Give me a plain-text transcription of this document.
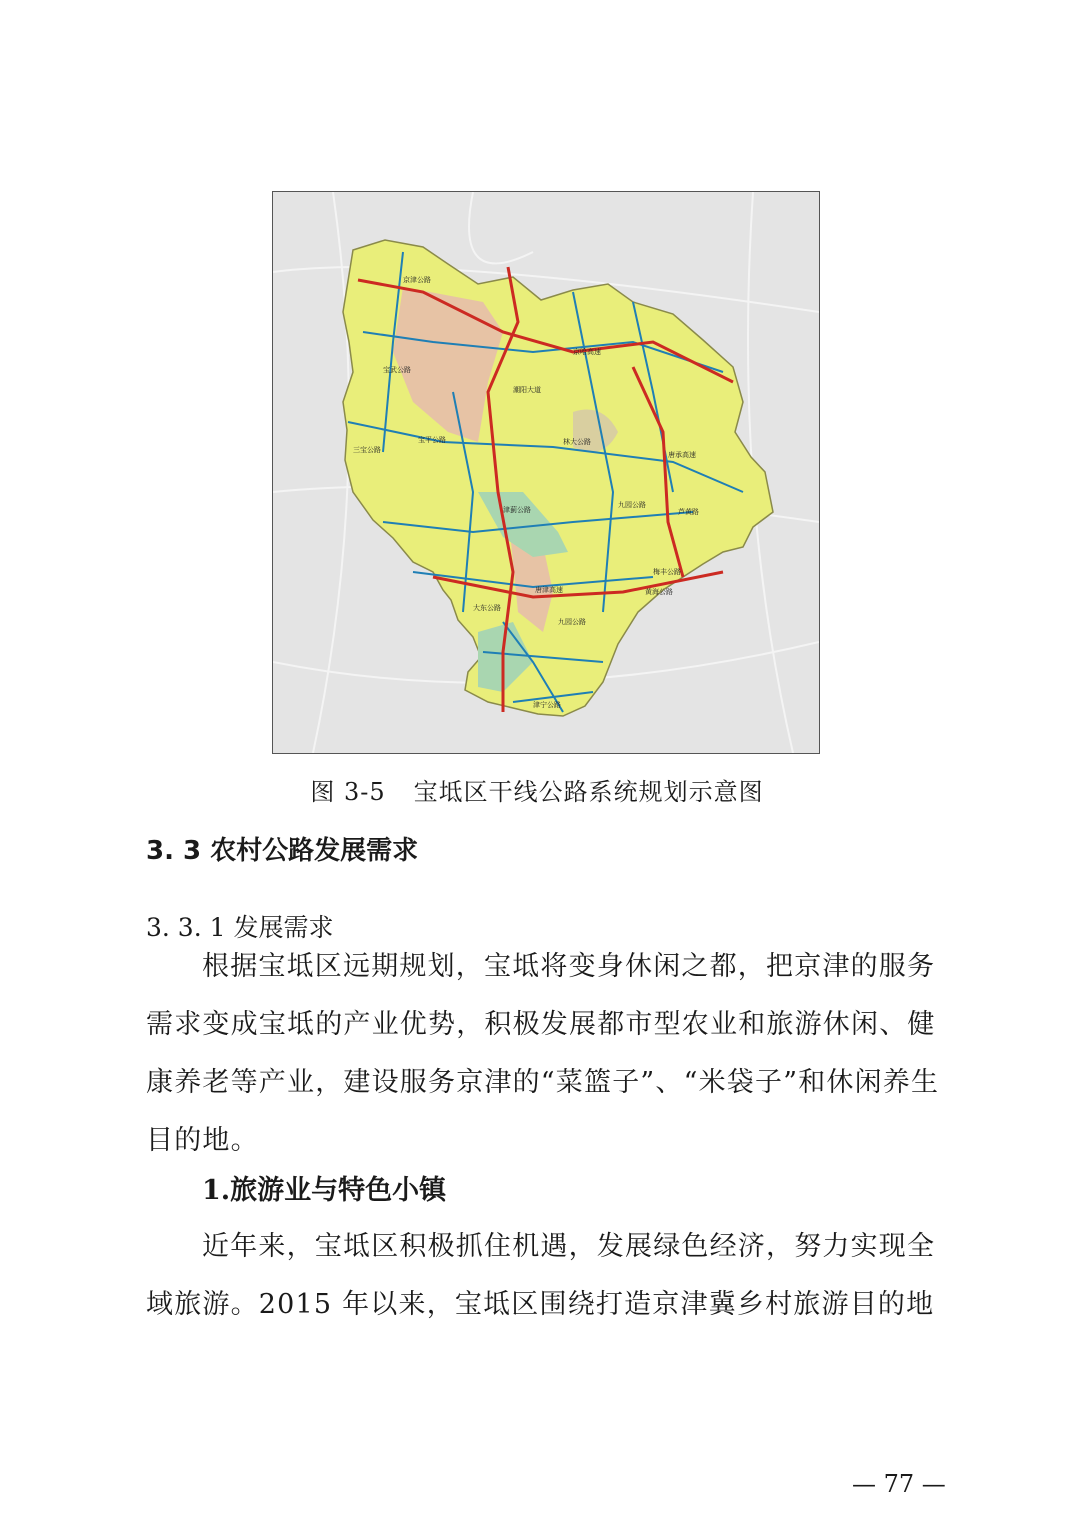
京哈高速
唐承高速
京津公路
津蓟公路
唐津高速
林大公路
九园公路
大东公路
津宁公路
宝武公路
三宝公路
宝平公路
潮阳大道
芦黄路
梅丰公路
黄海公路
九园公路
图 3-5 宝坻区干线公路系统规划示意图
3. 3 农村公路发展需求
3. 3. 1 发展需求

根据宝坻区远期规划，宝坻将变身休闲之都，把京津的服务需求变成宝坻的产业优势，积极发展都市型农业和旅游休闲、健康养老等产业，建设服务京津的“菜篮子”、“米袋子”和休闲养生目的地。

1.旅游业与特色小镇

近年来，宝坻区积极抓住机遇，发展绿色经济，努力实现全域旅游。2015 年以来，宝坻区围绕打造京津冀乡村旅游目的地

— 77 —
